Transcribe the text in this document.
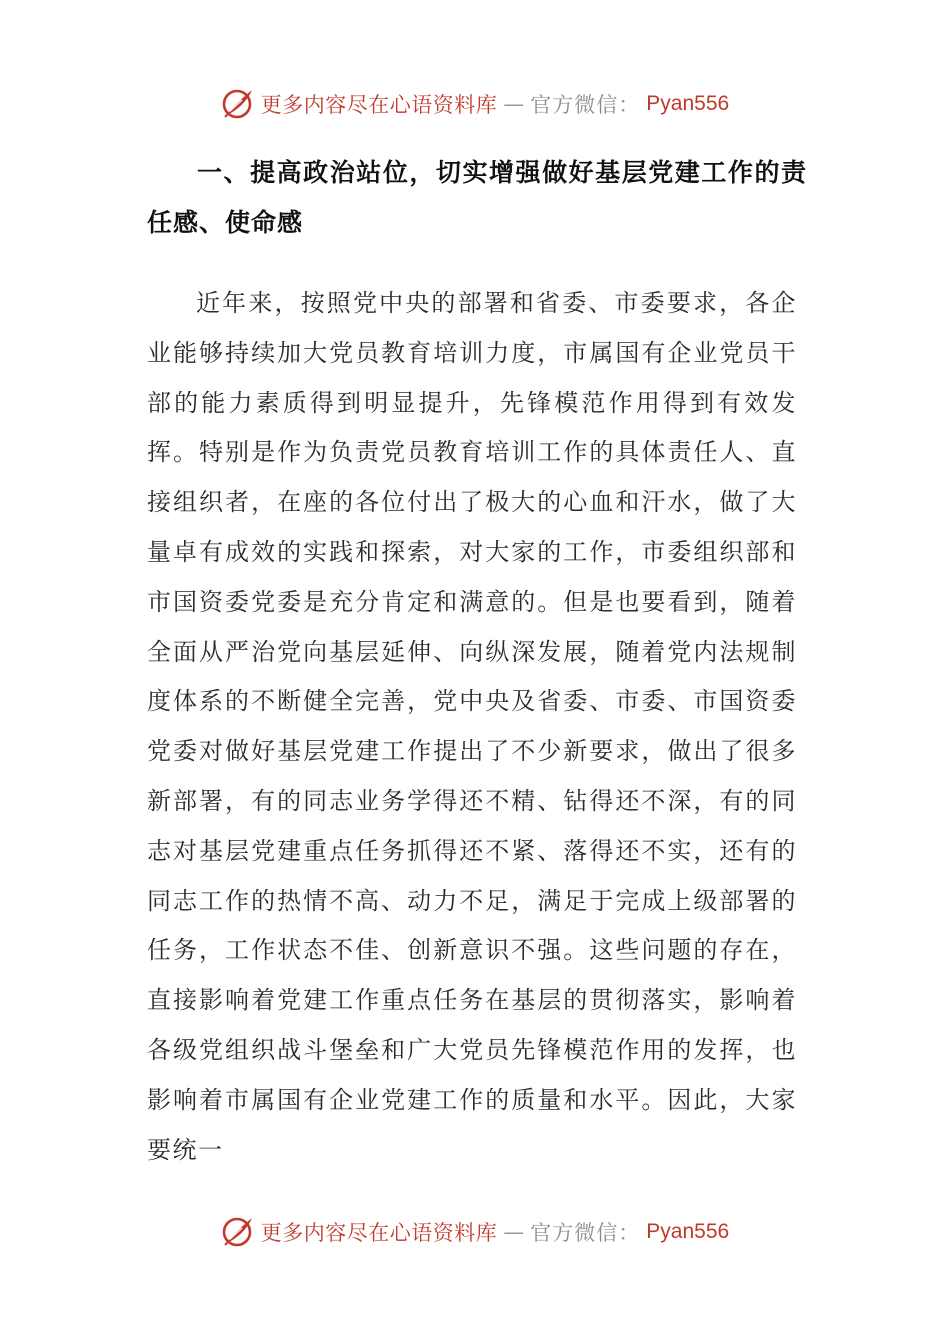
更多内容尽在心语资料库 — 官方微信： Pyan556
一、提高政治站位，切实增强做好基层党建工作的责任感、使命感

近年来，按照党中央的部署和省委、市委要求，各企业能够持续加大党员教育培训力度，市属国有企业党员干部的能力素质得到明显提升，先锋模范作用得到有效发挥。特别是作为负责党员教育培训工作的具体责任人、直接组织者，在座的各位付出了极大的心血和汗水，做了大量卓有成效的实践和探索，对大家的工作，市委组织部和市国资委党委是充分肯定和满意的。但是也要看到，随着全面从严治党向基层延伸、向纵深发展，随着党内法规制度体系的不断健全完善，党中央及省委、市委、市国资委党委对做好基层党建工作提出了不少新要求，做出了很多新部署，有的同志业务学得还不精、钻得还不深，有的同志对基层党建重点任务抓得还不紧、落得还不实，还有的同志工作的热情不高、动力不足，满足于完成上级部署的任务，工作状态不佳、创新意识不强。这些问题的存在，直接影响着党建工作重点任务在基层的贯彻落实，影响着各级党组织战斗堡垒和广大党员先锋模范作用的发挥，也影响着市属国有企业党建工作的质量和水平。因此，大家要统一

更多内容尽在心语资料库 — 官方微信： Pyan556
